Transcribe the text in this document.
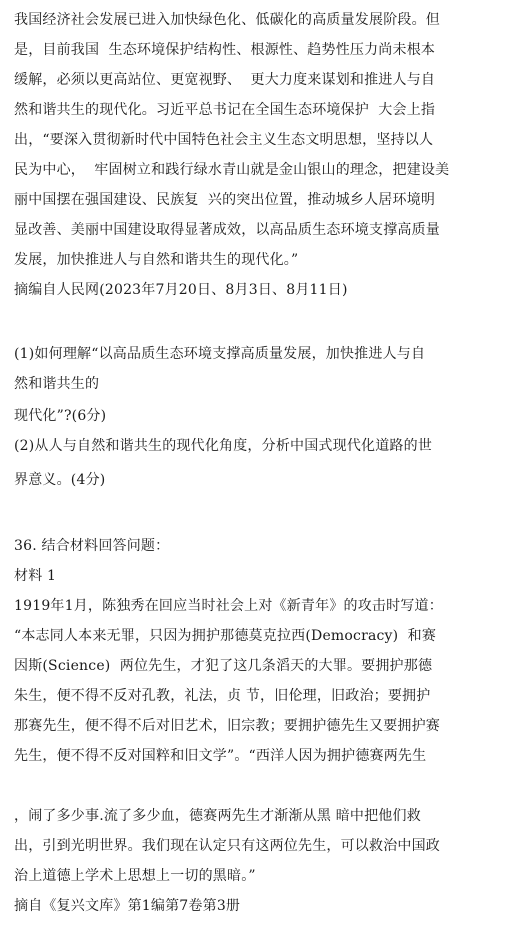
我国经济社会发展已进入加快绿色化、低碳化的高质量发展阶段。但
是，目前我国  生态环境保护结构性、根源性、趋势性压力尚未根本
缓解，必须以更高站位、更宽视野、  更大力度来谋划和推进人与自
然和谐共生的现代化。习近平总书记在全国生态环境保护  大会上指
出，“要深入贯彻新时代中国特色社会主义生态文明思想，坚持以人
民为中心，  牢固树立和践行绿水青山就是金山银山的理念，把建设美
丽中国摆在强国建设、民族复  兴的突出位置，推动城乡人居环境明
显改善、美丽中国建设取得显著成效，以高品质生态环境支撑高质量
发展，加快推进人与自然和谐共生的现代化。”
摘编自人民网(2023年7月20日、8月3日、8月11日)
(1)如何理解“以高品质生态环境支撑高质量发展，加快推进人与自
然和谐共生的
现代化”?(6分)
(2)从人与自然和谐共生的现代化角度，分析中国式现代化道路的世
界意义。(4分)
36. 结合材料回答问题：
材料 1
1919年1月，陈独秀在回应当时社会上对《新青年》的攻击时写道：
“本志同人本来无罪，只因为拥护那德莫克拉西(Democracy)  和赛
因斯(Science)  两位先生，才犯了这几条滔天的大罪。要拥护那德
朱生，便不得不反对孔教，礼法，贞 节，旧伦理，旧政治；要拥护
那赛先生，便不得不后对旧艺术，旧宗教；要拥护德先生又要拥护赛
先生，便不得不反对国粹和旧文学”。“西洋人因为拥护德赛两先生
，闹了多少事.流了多少血，德赛两先生才渐渐从黑 暗中把他们救
出，引到光明世界。我们现在认定只有这两位先生，可以救治中国政
治上道德上学术上思想上一切的黑暗。”
摘自《复兴文库》第1编第7卷第3册
